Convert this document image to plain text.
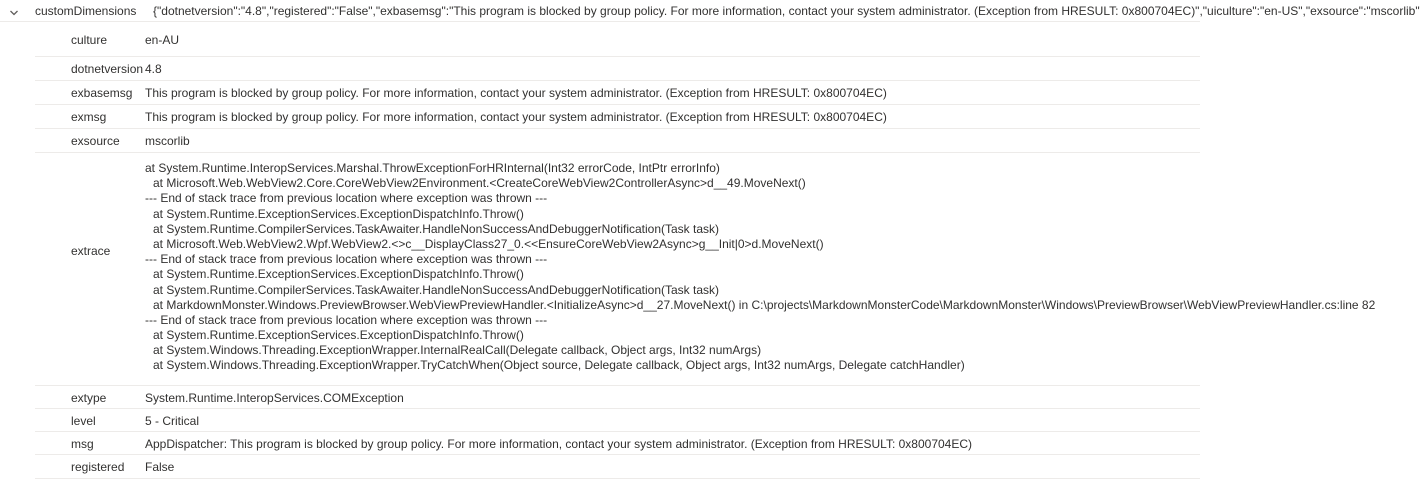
customDimensions {"dotnetversion":"4.8","registered":"False","exbasemsg":"This program is blocked by group policy. For more information, contact your system administrator. (Exception from HRESULT: 0x800704EC)","uiculture":"en-US","exsource":"mscorlib"
culture	en-AU
dotnetversion 4.8
exbasemsg This program is blocked by group policy. For more information, contact your system administrator. (Exception from HRESULT: 0x800704EC)
exmsg	This program is blocked by group policy. For more information, contact your system administrator. (Exception from HRESULT: 0x800704EC)
exsource mscorlib
extrace
at System.Runtime.InteropServices.Marshal.ThrowExceptionForHRInternal(Int32 errorCode, IntPtr errorInfo)
at Microsoft.Web.WebView2.Core.CoreWebView2Environment.<CreateCoreWebView2ControllerAsync>d__49.MoveNext()
--- End of stack trace from previous location where exception was thrown ---
at System.Runtime.ExceptionServices.ExceptionDispatchInfo.Throw()
at System.Runtime.CompilerServices.TaskAwaiter.HandleNonSuccessAndDebuggerNotification(Task task)
at Microsoft.Web.WebView2.Wpf.WebView2.<>c__DisplayClass27_0.<<EnsureCoreWebView2Async>g__Init|0>d.MoveNext()
--- End of stack trace from previous location where exception was thrown ---
at System.Runtime.ExceptionServices.ExceptionDispatchInfo.Throw()
at System.Runtime.CompilerServices.TaskAwaiter.HandleNonSuccessAndDebuggerNotification(Task task)
at MarkdownMonster.Windows.PreviewBrowser.WebViewPreviewHandler.<InitializeAsync>d__27.MoveNext() in C:\projects\MarkdownMonsterCode\MarkdownMonster\Windows\PreviewBrowser\WebViewPreviewHandler.cs:line 82
--- End of stack trace from previous location where exception was thrown ---
at System.Runtime.ExceptionServices.ExceptionDispatchInfo.Throw()
at System.Windows.Threading.ExceptionWrapper.InternalRealCall(Delegate callback, Object args, Int32 numArgs)
at System.Windows.Threading.ExceptionWrapper.TryCatchWhen(Object source, Delegate callback, Object args, Int32 numArgs, Delegate catchHandler)
extype	System.Runtime.InteropServices.COMException
level	5 - Critical
msg	AppDispatcher: This program is blocked by group policy. For more information, contact your system administrator. (Exception from HRESULT: 0x800704EC)
registered False
